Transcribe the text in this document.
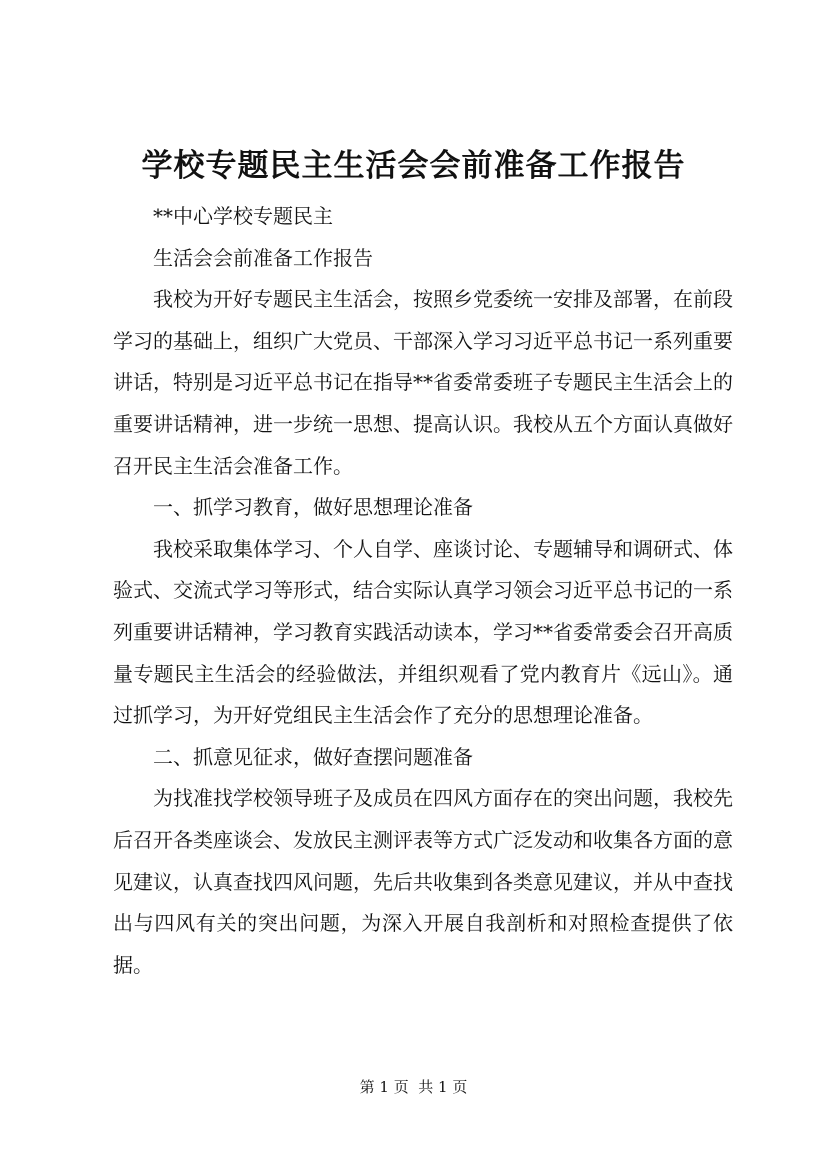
学校专题民主生活会会前准备工作报告

**中心学校专题民主

生活会会前准备工作报告

我校为开好专题民主生活会，按照乡党委统一安排及部署，在前段学习的基础上，组织广大党员、干部深入学习习近平总书记一系列重要讲话，特别是习近平总书记在指导**省委常委班子专题民主生活会上的重要讲话精神，进一步统一思想、提高认识。我校从五个方面认真做好召开民主生活会准备工作。

一、抓学习教育，做好思想理论准备

我校采取集体学习、个人自学、座谈讨论、专题辅导和调研式、体验式、交流式学习等形式，结合实际认真学习领会习近平总书记的一系列重要讲话精神，学习教育实践活动读本，学习**省委常委会召开高质量专题民主生活会的经验做法，并组织观看了党内教育片《远山》。通过抓学习，为开好党组民主生活会作了充分的思想理论准备。

二、抓意见征求，做好查摆问题准备

为找准找学校领导班子及成员在四风方面存在的突出问题，我校先后召开各类座谈会、发放民主测评表等方式广泛发动和收集各方面的意见建议，认真查找四风问题，先后共收集到各类意见建议，并从中查找出与四风有关的突出问题，为深入开展自我剖析和对照检查提供了依据。

第 1 页  共 1 页
